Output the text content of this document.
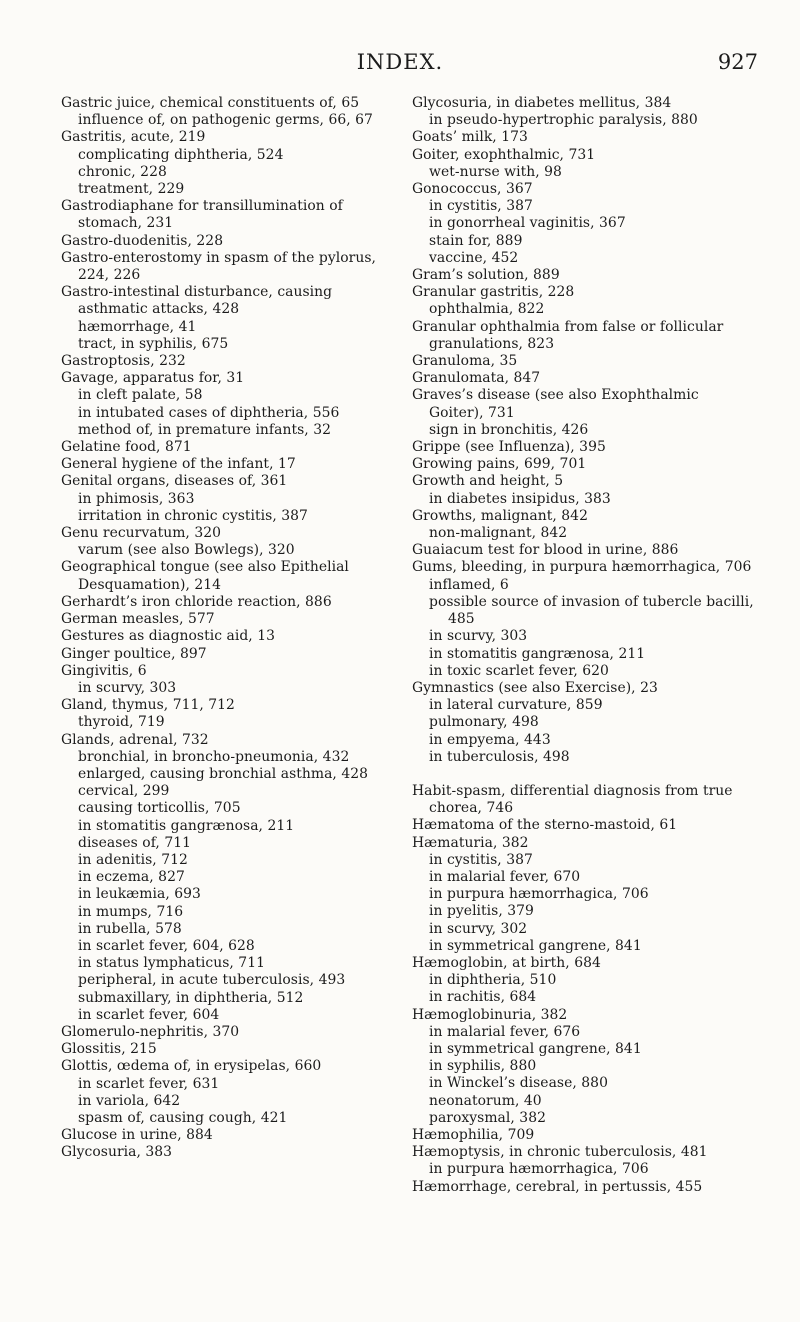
INDEX.	927
Gastric juice, chemical constituents of, 65
influence of, on pathogenic germs, 66, 67
Gastritis, acute, 219
complicating diphtheria, 524
chronic, 228
treatment, 229
Gastrodiaphane for transillumination of stomach, 231
Gastro-duodenitis, 228
Gastro-enterostomy in spasm of the pylorus, 224, 226
Gastro-intestinal disturbance, causing asthmatic attacks, 428
hæmorrhage, 41
tract, in syphilis, 675
Gastroptosis, 232
Gavage, apparatus for, 31
in cleft palate, 58
in intubated cases of diphtheria, 556
method of, in premature infants, 32
Gelatine food, 871
General hygiene of the infant, 17
Genital organs, diseases of, 361
in phimosis, 363
irritation in chronic cystitis, 387
Genu recurvatum, 320
varum (see also Bowlegs), 320
Geographical tongue (see also Epithelial Desquamation), 214
Gerhardt’s iron chloride reaction, 886
German measles, 577
Gestures as diagnostic aid, 13
Ginger poultice, 897
Gingivitis, 6
in scurvy, 303
Gland, thymus, 711, 712
thyroid, 719
Glands, adrenal, 732
bronchial, in broncho-pneumonia, 432
enlarged, causing bronchial asthma, 428
cervical, 299
causing torticollis, 705
in stomatitis gangrænosa, 211
diseases of, 711
in adenitis, 712
in eczema, 827
in leukæmia, 693
in mumps, 716
in rubella, 578
in scarlet fever, 604, 628
in status lymphaticus, 711
peripheral, in acute tuberculosis, 493
submaxillary, in diphtheria, 512
in scarlet fever, 604
Glomerulo-nephritis, 370
Glossitis, 215
Glottis, œdema of, in erysipelas, 660
in scarlet fever, 631
in variola, 642
spasm of, causing cough, 421
Glucose in urine, 884
Glycosuria, 383
Glycosuria, in diabetes mellitus, 384
in pseudo-hypertrophic paralysis, 880
Goats’ milk, 173
Goiter, exophthalmic, 731
wet-nurse with, 98
Gonococcus, 367
in cystitis, 387
in gonorrheal vaginitis, 367
stain for, 889
vaccine, 452
Gram’s solution, 889
Granular gastritis, 228
ophthalmia, 822
Granular ophthalmia from false or follicular granulations, 823
Granuloma, 35
Granulomata, 847
Graves’s disease (see also Exophthalmic Goiter), 731
sign in bronchitis, 426
Grippe (see Influenza), 395
Growing pains, 699, 701
Growth and height, 5
in diabetes insipidus, 383
Growths, malignant, 842
non-malignant, 842
Guaiacum test for blood in urine, 886
Gums, bleeding, in purpura hæmorrhagica, 706
inflamed, 6
possible source of invasion of tubercle bacilli, 485
in scurvy, 303
in stomatitis gangrænosa, 211
in toxic scarlet fever, 620
Gymnastics (see also Exercise), 23
in lateral curvature, 859
pulmonary, 498
in empyema, 443
in tuberculosis, 498
Habit-spasm, differential diagnosis from true chorea, 746
Hæmatoma of the sterno-mastoid, 61
Hæmaturia, 382
in cystitis, 387
in malarial fever, 670
in purpura hæmorrhagica, 706
in pyelitis, 379
in scurvy, 302
in symmetrical gangrene, 841
Hæmoglobin, at birth, 684
in diphtheria, 510
in rachitis, 684
Hæmoglobinuria, 382
in malarial fever, 676
in symmetrical gangrene, 841
in syphilis, 880
in Winckel’s disease, 880
neonatorum, 40
paroxysmal, 382
Hæmophilia, 709
Hæmoptysis, in chronic tuberculosis, 481
in purpura hæmorrhagica, 706
Hæmorrhage, cerebral, in pertussis, 455
